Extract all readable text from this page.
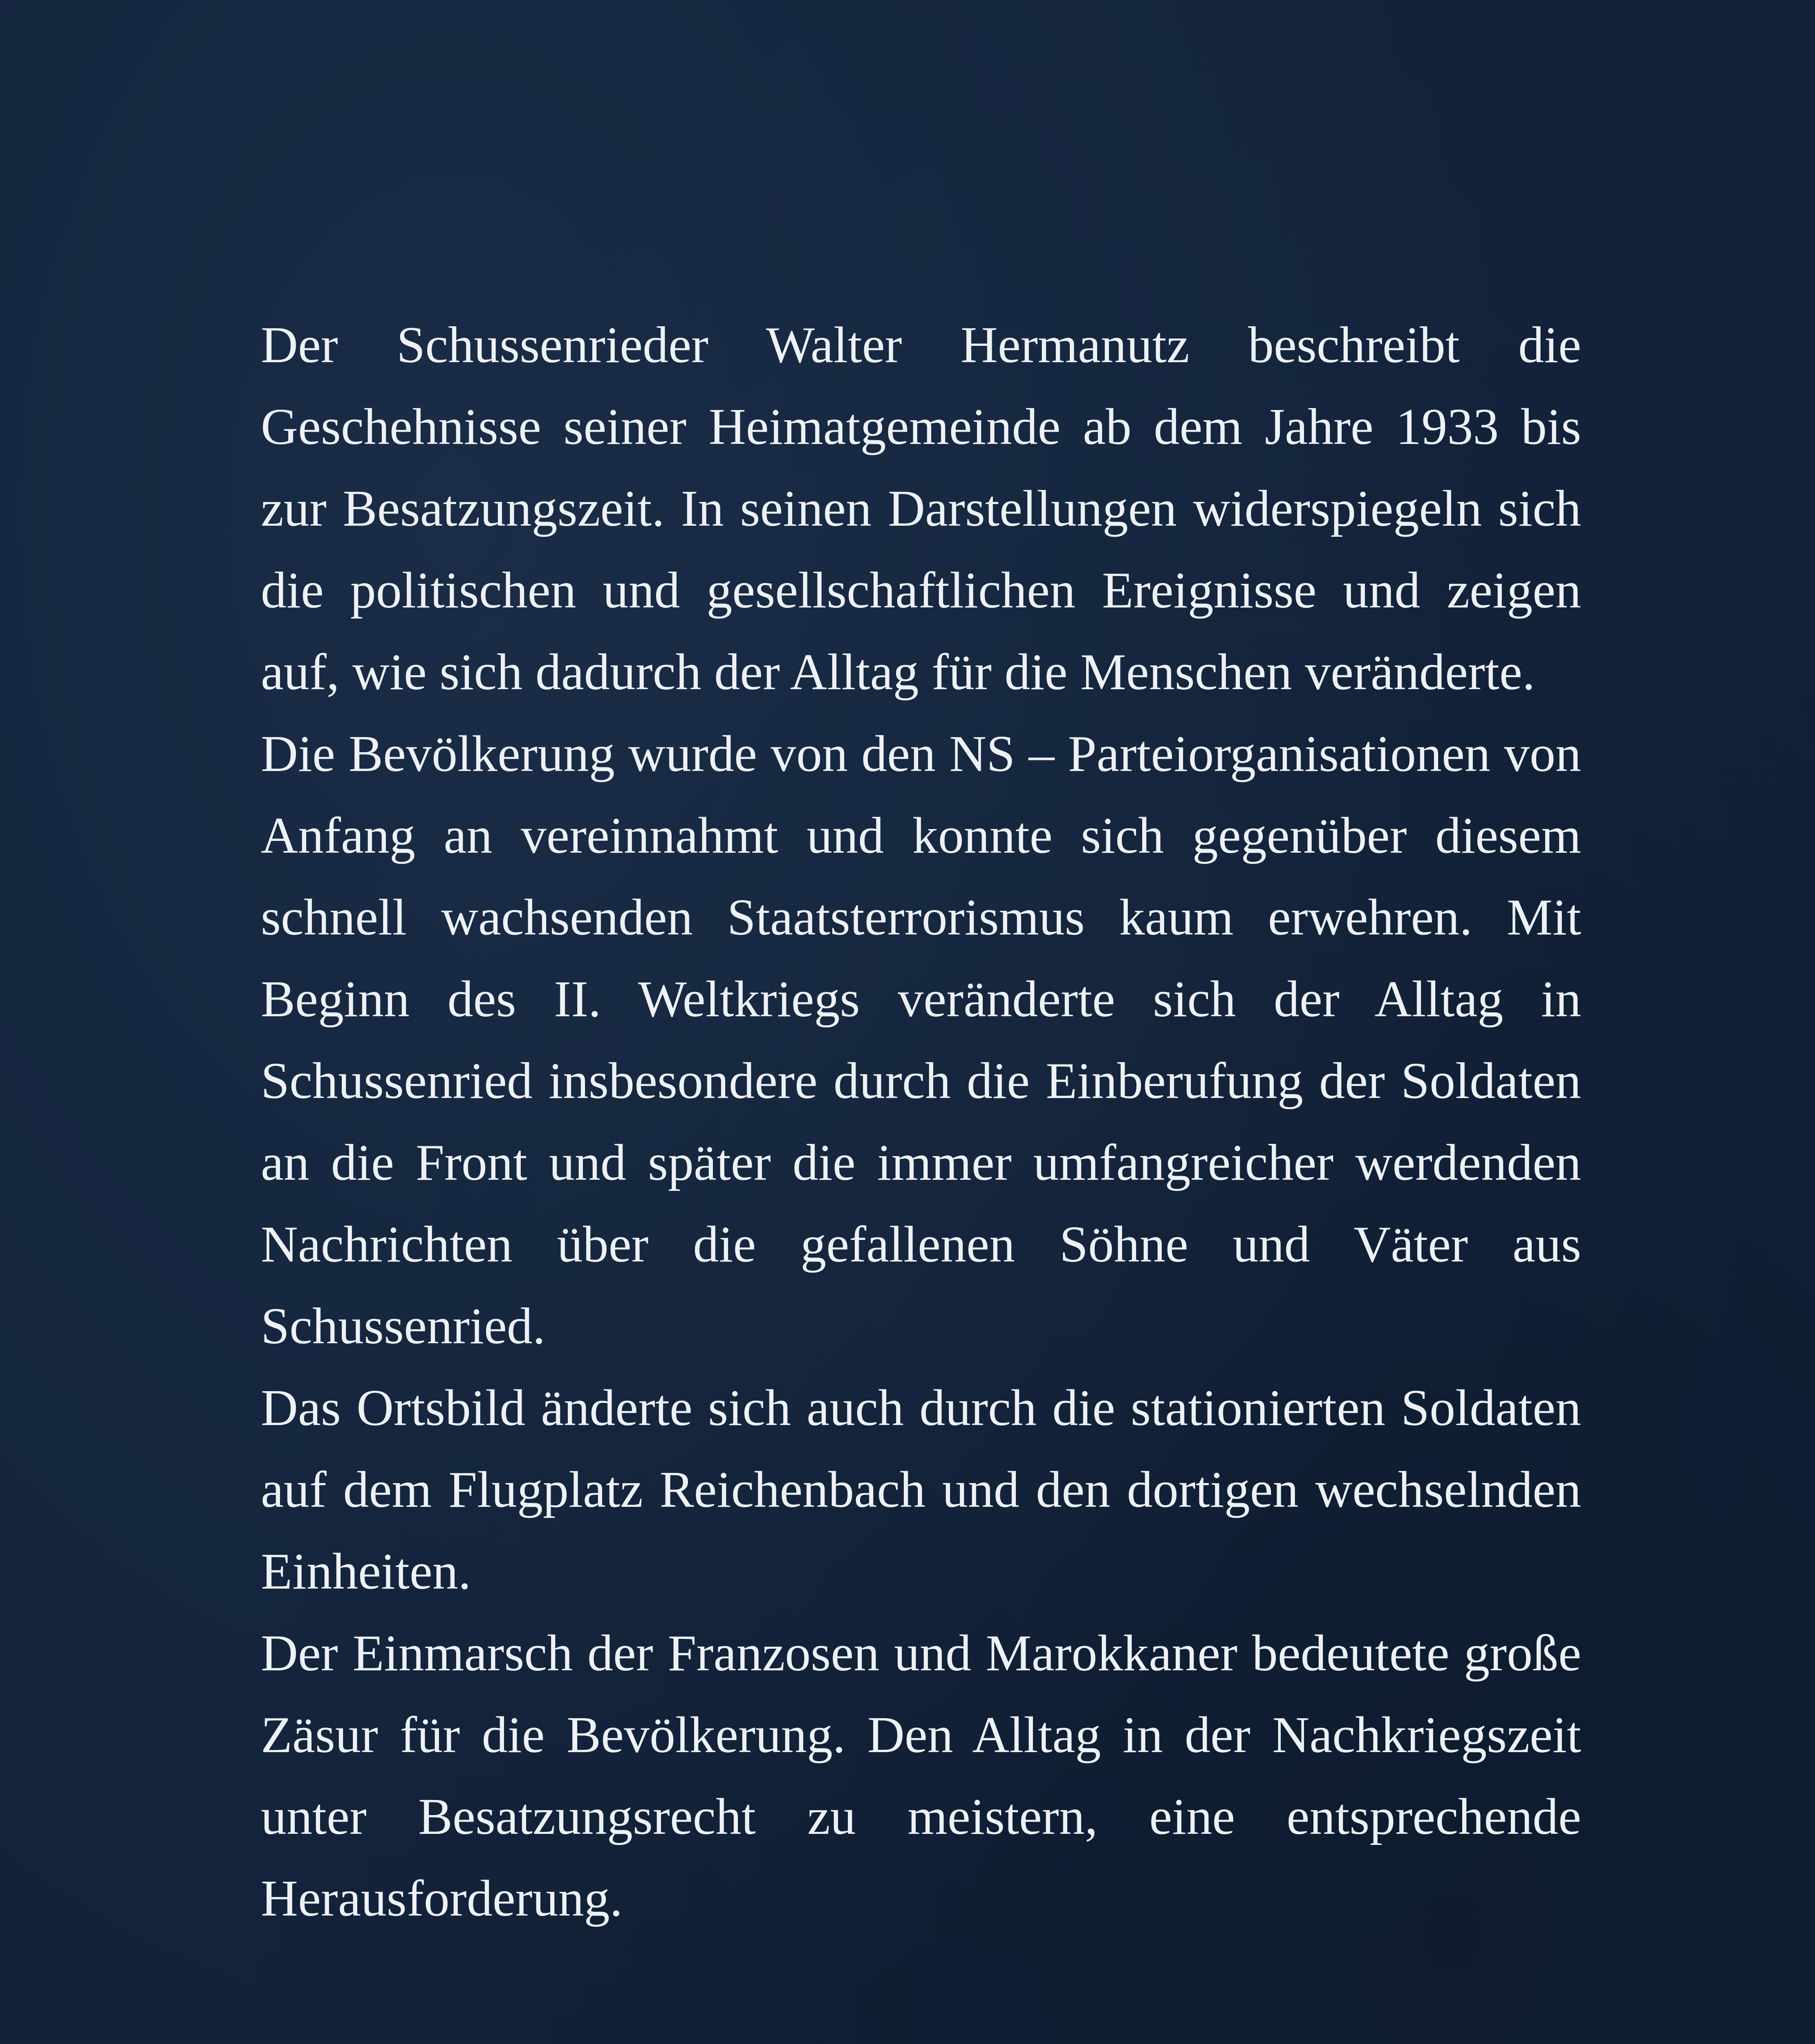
Der Schussenrieder Walter Hermanutz beschreibt die Geschehnisse seiner Heimatgemeinde ab dem Jahre 1933 bis zur Besatzungszeit. In seinen Darstellungen widerspiegeln sich die politischen und gesellschaftlichen Ereignisse und zeigen auf, wie sich dadurch der Alltag für die Menschen veränderte.

Die Bevölkerung wurde von den NS – Parteiorganisationen von Anfang an vereinnahmt und konnte sich gegenüber diesem schnell wachsenden Staatsterrorismus kaum erwehren. Mit Beginn des II. Weltkriegs veränderte sich der Alltag in Schussenried insbesondere durch die Einberufung der Soldaten an die Front und später die immer umfangreicher werdenden Nachrichten über die gefallenen Söhne und Väter aus Schussenried.

Das Ortsbild änderte sich auch durch die stationierten Soldaten auf dem Flugplatz Reichenbach und den dortigen wechselnden Einheiten.

Der Einmarsch der Franzosen und Marokkaner bedeutete große Zäsur für die Bevölkerung. Den Alltag in der Nachkriegszeit unter Besatzungsrecht zu meistern, eine entsprechende Herausforderung.
